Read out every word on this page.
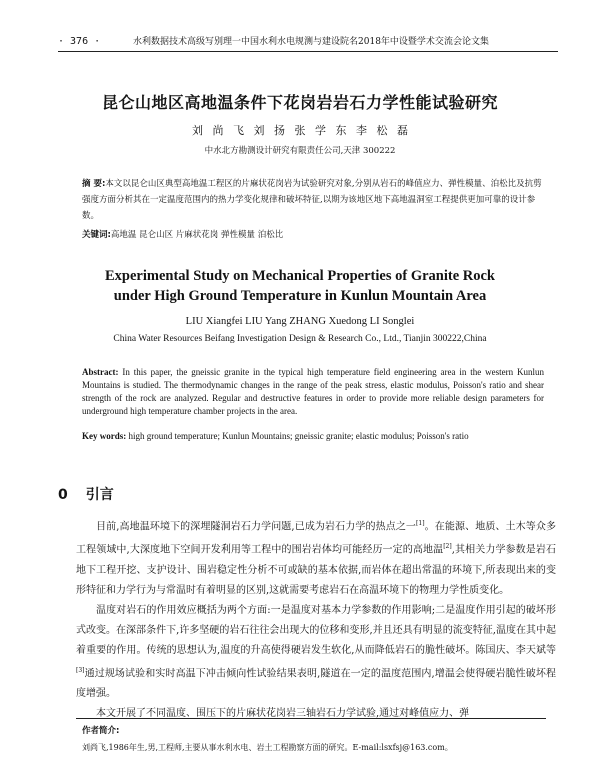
· 376 ·	水利数据技术高级写别理一中国水利水电规测与建设院名2018年中设暨学术交流会论文集
昆仑山地区高地温条件下花岗岩岩石力学性能试验研究
刘 尚 飞 刘 扬 张 学 东 李 松 磊
中水北方勘测设计研究有限责任公司,天津 300222
摘 要:本文以昆仑山区典型高地温工程区的片麻状花岗岩为试验研究对象,分别从岩石的峰值应力、弹性模量、泊松比及抗剪强度方面分析其在一定温度范围内的热力学变化规律和破坏特征,以期为该地区地下高地温洞室工程提供更加可靠的设计参数。
关键词:高地温 昆仑山区 片麻状花岗 弹性模量 泊松比
Experimental Study on Mechanical Properties of Granite Rock
under High Ground Temperature in Kunlun Mountain Area
LIU Xiangfei LIU Yang ZHANG Xuedong LI Songlei
China Water Resources Beifang Investigation Design & Research Co., Ltd., Tianjin 300222,China
Abstract: In this paper, the gneissic granite in the typical high temperature field engineering area in the western Kunlun Mountains is studied. The thermodynamic changes in the range of the peak stress, elastic modulus, Poisson's ratio and shear strength of the rock are analyzed. Regular and destructive features in order to provide more reliable design parameters for underground high temperature chamber projects in the area.
Key words: high ground temperature; Kunlun Mountains; gneissic granite; elastic modulus; Poisson's ratio
0 引言

目前,高地温环境下的深埋隧洞岩石力学问题,已成为岩石力学的热点之一[1]。在能源、地质、土木等众多工程领域中,大深度地下空间开发利用等工程中的围岩岩体均可能经历一定的高地温[2],其相关力学参数是岩石地下工程开挖、支护设计、围岩稳定性分析不可或缺的基本依据,而岩体在超出常温的环境下,所表现出来的变形特征和力学行为与常温时有着明显的区别,这就需要考虑岩石在高温环境下的物理力学性质变化。

温度对岩石的作用效应概括为两个方面:一是温度对基本力学参数的作用影响;二是温度作用引起的破坏形式改变。在深部条件下,许多坚硬的岩石往往会出现大的位移和变形,并且还具有明显的流变特征,温度在其中起着重要的作用。传统的思想认为,温度的升高使得硬岩发生软化,从而降低岩石的脆性破坏。陈国庆、李天斌等[3]通过规场试验和实时高温下冲击倾向性试验结果表明,隧道在一定的温度范围内,增温会使得硬岩脆性破坏程度增强。

本文开展了不同温度、围压下的片麻状花岗岩三轴岩石力学试验,通过对峰值应力、弹

作者简介:
刘尚飞,1986年生,男,工程师,主要从事水利水电、岩土工程勘察方面的研究。E-mail:lsxfsj@163.com。
